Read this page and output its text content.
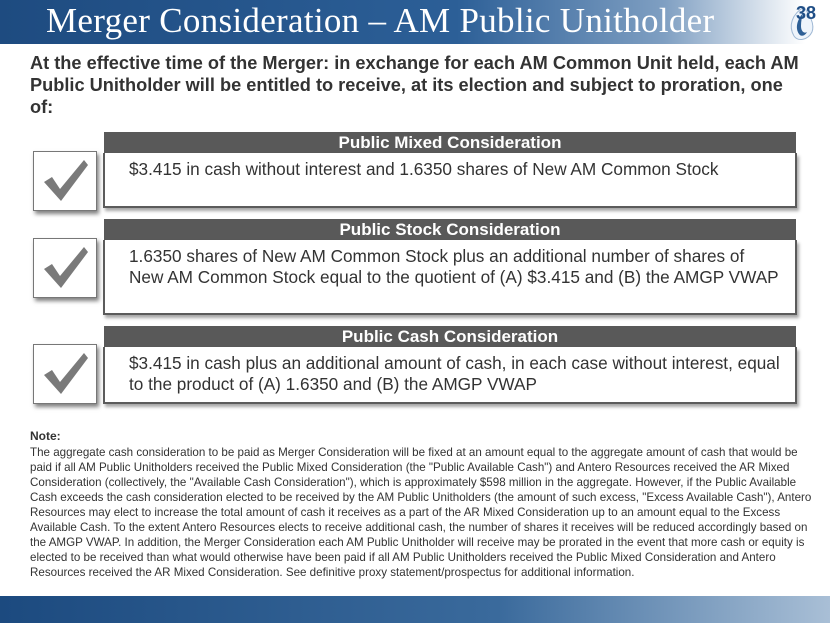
Merger Consideration – AM Public Unitholder
At the effective time of the Merger: in exchange for each AM Common Unit held, each AM Public Unitholder will be entitled to receive, at its election and subject to proration, one of:
Public Mixed Consideration
$3.415 in cash without interest and 1.6350 shares of New AM Common Stock
Public Stock Consideration
1.6350 shares of New AM Common Stock plus an additional number of shares of New AM Common Stock equal to the quotient of (A) $3.415 and (B) the AMGP VWAP
Public Cash Consideration
$3.415 in cash plus an additional amount of cash, in each case without interest, equal to the product of (A) 1.6350 and (B) the AMGP VWAP
Note:
The aggregate cash consideration to be paid as Merger Consideration will be fixed at an amount equal to the aggregate amount of cash that would be paid if all AM Public Unitholders received the Public Mixed Consideration (the "Public Available Cash") and Antero Resources received the AR Mixed Consideration (collectively, the "Available Cash Consideration"), which is approximately $598 million in the aggregate. However, if the Public Available Cash exceeds the cash consideration elected to be received by the AM Public Unitholders (the amount of such excess, "Excess Available Cash"), Antero Resources may elect to increase the total amount of cash it receives as a part of the AR Mixed Consideration up to an amount equal to the Excess Available Cash. To the extent Antero Resources elects to receive additional cash, the number of shares it receives will be reduced accordingly based on the AMGP VWAP. In addition, the Merger Consideration each AM Public Unitholder will receive may be prorated in the event that more cash or equity is elected to be received than what would otherwise have been paid if all AM Public Unitholders received the Public Mixed Consideration and Antero Resources received the AR Mixed Consideration. See definitive proxy statement/prospectus for additional information.
38
